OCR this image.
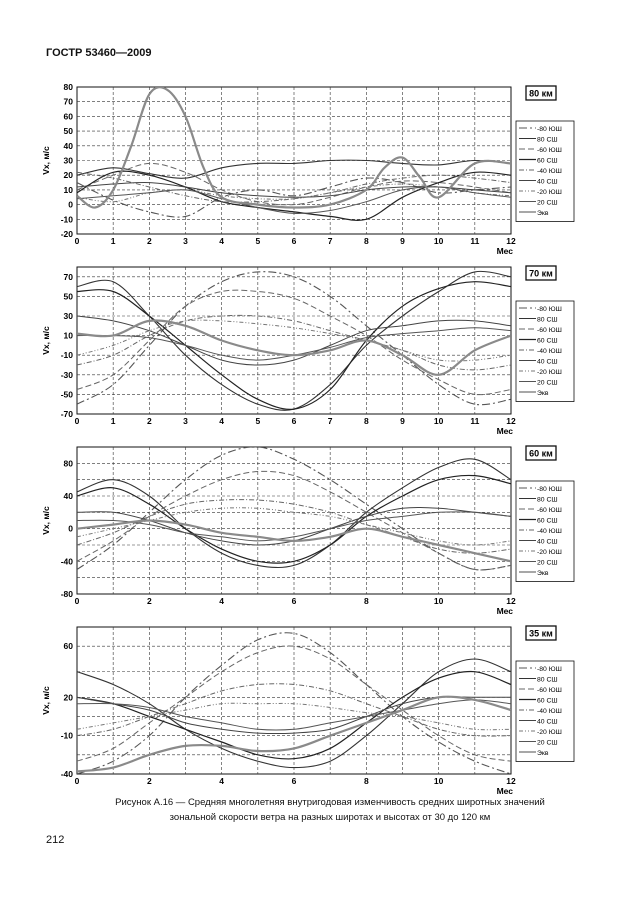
ГОСТР 53460—2009
0	1	2	3	4	5	6	7	8	9	10	11	12
-20
-10
0
10
20
30
40
50
60
70
80
Мес
Vx, м/с
80 км
-80 ЮШ
80 СШ
-60 ЮШ
60 СШ
-40 ЮШ
40 СШ
-20 ЮШ
20 СШ
Экв
0	1	2	3	4	5	6	7	8	9	10	11	12
-70
-50
-30
-10
10
30
50
70
Мес
Vx, м/с
70 км
-80 ЮШ
80 СШ
-60 ЮШ
60 СШ
-40 ЮШ
40 СШ
-20 ЮШ
20 СШ
Экв
0	2	4	6	8	10	12
-80
-40
0
40
80
Мес
Vx, м/с
60 км
-80 ЮШ
80 СШ
-60 ЮШ
60 СШ
-40 ЮШ
40 СШ
-20 ЮШ
20 СШ
Экв
0	2	4	6	8	10	12
-40
-10
20
60
Мес
Vx, м/с
35 км
-80 ЮШ
80 СШ
-60 ЮШ
60 СШ
-40 ЮШ
40 СШ
-20 ЮШ
20 СШ
Экв
Рисунок А.16 — Средняя многолетняя внутригодовая изменчивость средних широтных значений
зональной скорости ветра на разных широтах и высотах от 30 до 120 км
212
